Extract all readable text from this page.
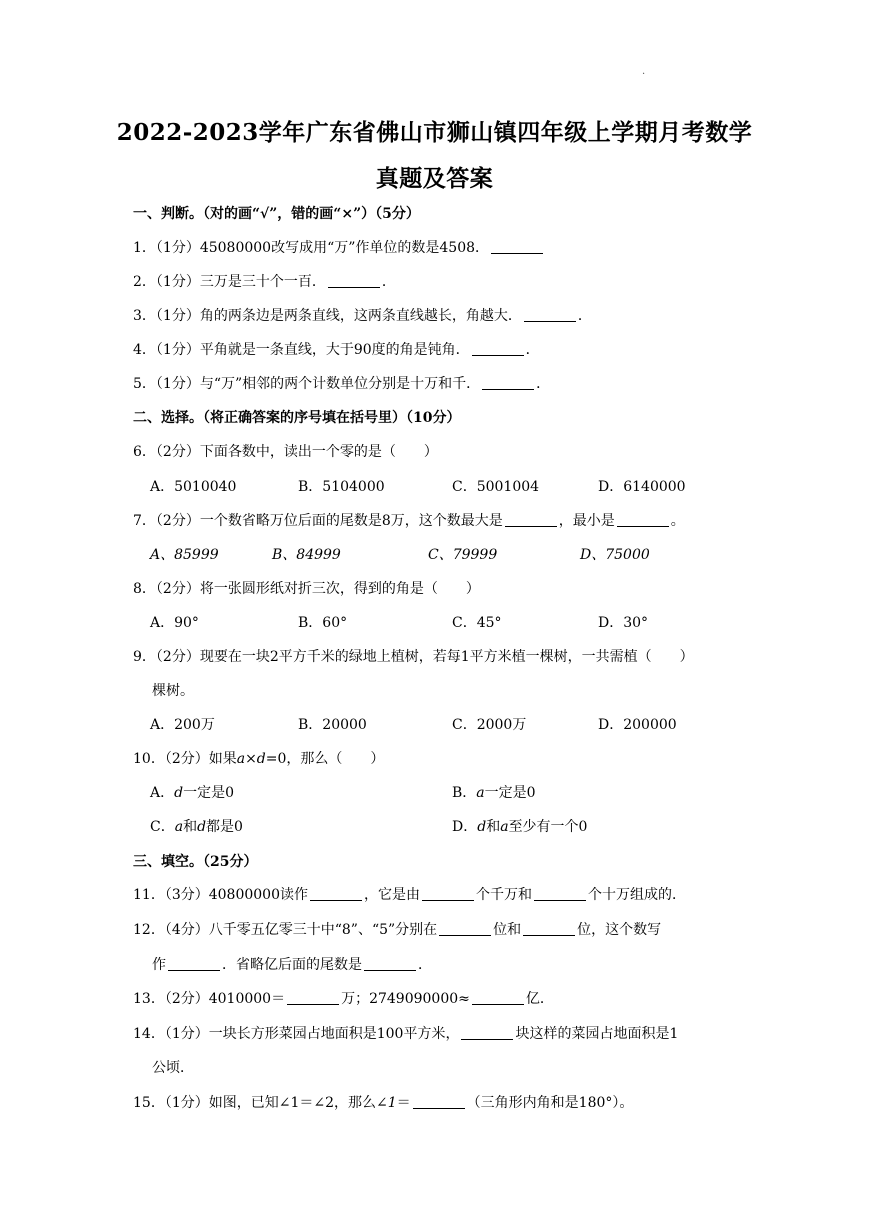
.
2022-2023学年广东省佛山市狮山镇四年级上学期月考数学
真题及答案
一、判断。（对的画“√”，错的画“×”）（5分）
1．（1分）45080000改写成用“万”作单位的数是4508．
2．（1分）三万是三十个一百．	．
3．（1分）角的两条边是两条直线，这两条直线越长，角越大．	．
4．（1分）平角就是一条直线，大于90度的角是钝角．	．
5．（1分）与“万”相邻的两个计数单位分别是十万和千．	．
二、选择。（将正确答案的序号填在括号里）（10分）
6．（2分）下面各数中，读出一个零的是（　　）
A．5010040	B．5104000	C．5001004	D．6140000
7．（2分）一个数省略万位后面的尾数是8万，这个数最大是	，最小是	。
A、85999	B、84999	C、79999	D、75000
8．（2分）将一张圆形纸对折三次，得到的角是（　　）
A．90°	B．60°	C．45°	D．30°
9．（2分）现要在一块2平方千米的绿地上植树，若每1平方米植一棵树，一共需植（　　）
棵树。
A．200万	B．20000	C．2000万	D．200000
10．（2分）如果a×d=0，那么（　　）
A．d一定是0	B．a一定是0
C．a和d都是0	D．d和a至少有一个0
三、填空。（25分）
11．（3分）40800000读作	，它是由	个千万和	个十万组成的．
12．（4分）八千零五亿零三十中“8”、“5”分别在	位和	位，这个数写
作	．省略亿后面的尾数是	．
13．（2分）4010000＝	万；2749090000≈	亿．
14．（1分）一块长方形菜园占地面积是100平方米，	块这样的菜园占地面积是1
公顷．
15．（1分）如图，已知∠1＝∠2，那么∠1＝	（三角形内角和是180°）。
